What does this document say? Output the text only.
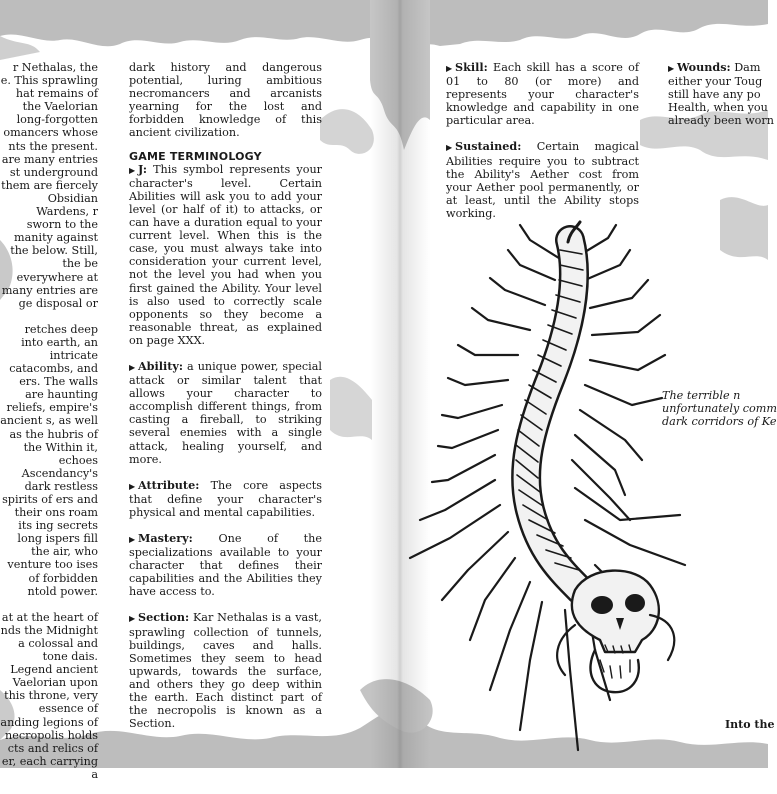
r Nethalas, the e. This sprawling hat remains of the Vaelorian long-forgotten omancers whose nts the present. are many entries st underground them are fiercely Obsidian Wardens, r sworn to the manity against the below. Still, the be everywhere at many entries are ge disposal or

retches deep into earth, an intricate catacombs, and ers. The walls are haunting reliefs, empire's ancient s, as well as the hubris of the Within it, echoes Ascendancy's dark restless spirits of ers and their ons roam its ing secrets long ispers fill the air, who venture too ises of forbidden ntold power.

at at the heart of nds the Midnight a colossal and tone dais. Legend ancient Vaelorian upon this throne, very essence of anding legions of necropolis holds cts and relics of er, each carrying a

dark history and dangerous potential, luring ambitious necromancers and arcanists yearning for the lost and forbidden knowledge of this ancient civilization.

GAME TERMINOLOGY

▶ J: This symbol represents your character's level. Certain Abilities will ask you to add your level (or half of it) to attacks, or can have a duration equal to your current level. When this is the case, you must always take into consideration your current level, not the level you had when you first gained the Ability. Your level is also used to correctly scale opponents so they become a reasonable threat, as explained on page XXX.

▶ Ability: a unique power, special attack or similar talent that allows your character to accomplish different things, from casting a fireball, to striking several enemies with a single attack, healing yourself, and more.

▶ Attribute: The core aspects that define your character's physical and mental capabilities.

▶ Mastery: One of the specializations available to your character that defines their capabilities and the Abilities they have access to.

▶ Section: Kar Nethalas is a vast, sprawling collection of tunnels, buildings, caves and halls. Sometimes they seem to head upwards, towards the surface, and others they go deep within the earth. Each distinct part of the necropolis is known as a Section.

▶ Skill: Each skill has a score of 01 to 80 (or more) and represents your character's knowledge and capability in one particular area.

▶ Sustained: Certain magical Abilities require you to subtract the Ability's Aether cost from your Aether pool permanently, or at least, until the Ability stops working.

▶ Wounds: Dam
either your Toug
still have any po
Health, when you
already been worn
The terrible n
unfortunately comm
dark corridors of Ke
Into the
